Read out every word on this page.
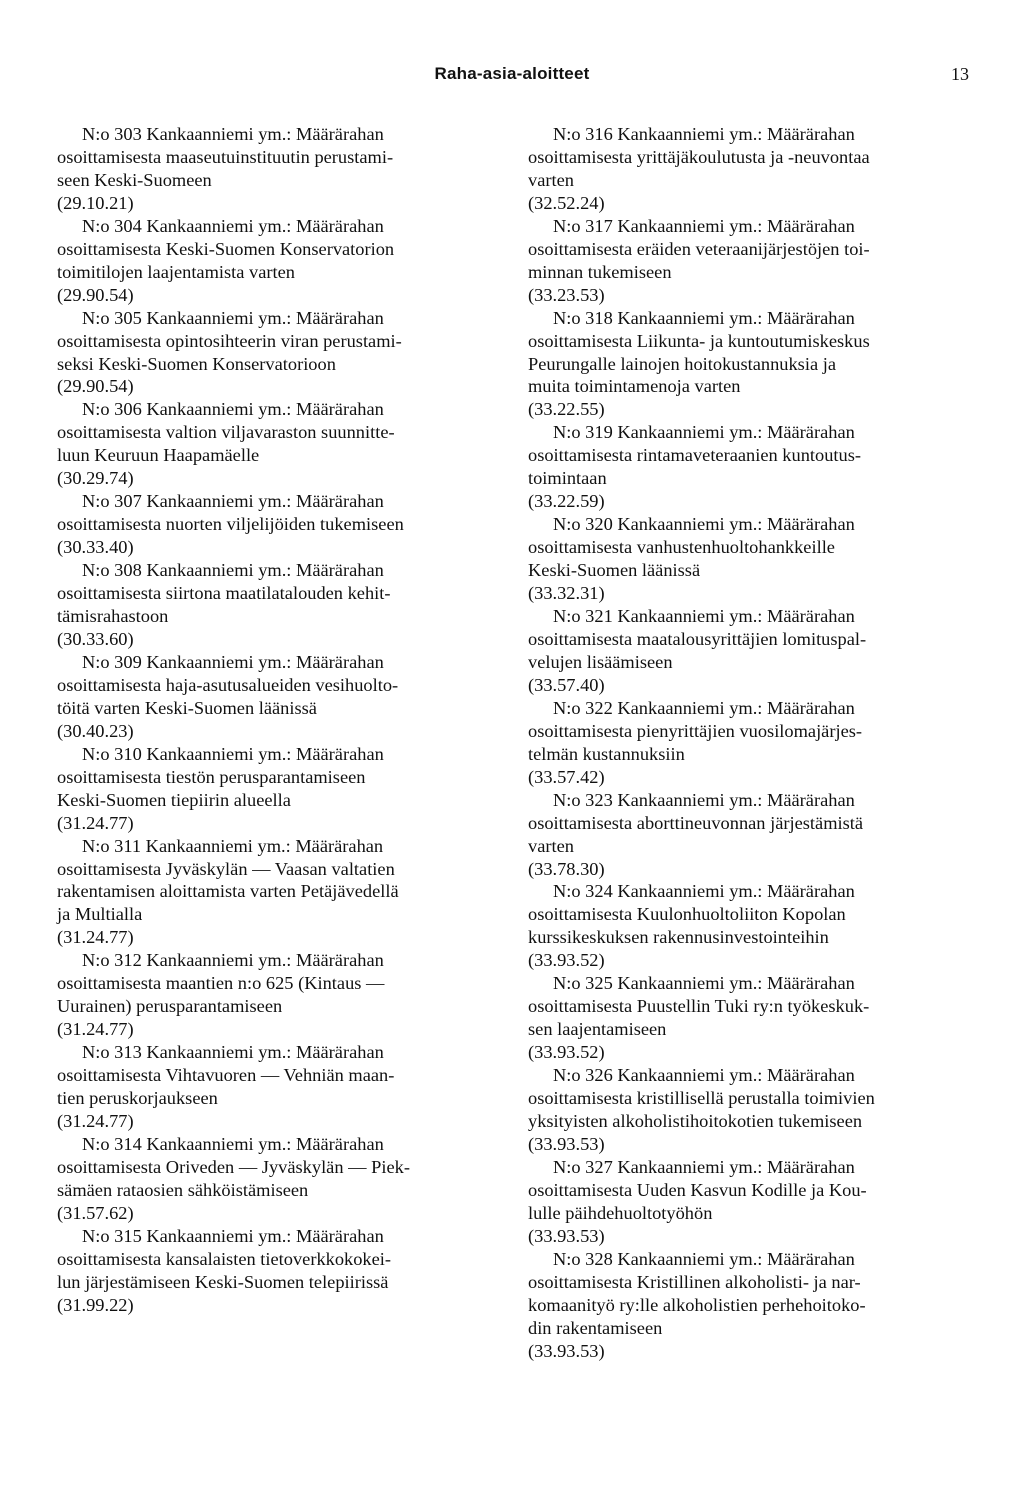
Raha-asia-aloitteet	13
N:o 303 Kankaanniemi ym.: Määrärahan
osoittamisesta maaseutuinstituutin perustami-
seen Keski-Suomeen
(29.10.21)
N:o 304 Kankaanniemi ym.: Määrärahan
osoittamisesta Keski-Suomen Konservatorion
toimitilojen laajentamista varten
(29.90.54)
N:o 305 Kankaanniemi ym.: Määrärahan
osoittamisesta opintosihteerin viran perustami-
seksi Keski-Suomen Konservatorioon
(29.90.54)
N:o 306 Kankaanniemi ym.: Määrärahan
osoittamisesta valtion viljavaraston suunnitte-
luun Keuruun Haapamäelle
(30.29.74)
N:o 307 Kankaanniemi ym.: Määrärahan
osoittamisesta nuorten viljelijöiden tukemiseen
(30.33.40)
N:o 308 Kankaanniemi ym.: Määrärahan
osoittamisesta siirtona maatilatalouden kehit-
tämisrahastoon
(30.33.60)
N:o 309 Kankaanniemi ym.: Määrärahan
osoittamisesta haja-asutusalueiden vesihuolto-
töitä varten Keski-Suomen läänissä
(30.40.23)
N:o 310 Kankaanniemi ym.: Määrärahan
osoittamisesta tiestön perusparantamiseen
Keski-Suomen tiepiirin alueella
(31.24.77)
N:o 311 Kankaanniemi ym.: Määrärahan
osoittamisesta Jyväskylän — Vaasan valtatien
rakentamisen aloittamista varten Petäjävedellä
ja Multialla
(31.24.77)
N:o 312 Kankaanniemi ym.: Määrärahan
osoittamisesta maantien n:o 625 (Kintaus —
Uurainen) perusparantamiseen
(31.24.77)
N:o 313 Kankaanniemi ym.: Määrärahan
osoittamisesta Vihtavuoren — Vehniän maan-
tien peruskorjaukseen
(31.24.77)
N:o 314 Kankaanniemi ym.: Määrärahan
osoittamisesta Oriveden — Jyväskylän — Piek-
sämäen rataosien sähköistämiseen
(31.57.62)
N:o 315 Kankaanniemi ym.: Määrärahan
osoittamisesta kansalaisten tietoverkkokokei-
lun järjestämiseen Keski-Suomen telepiirissä
(31.99.22)
N:o 316 Kankaanniemi ym.: Määrärahan
osoittamisesta yrittäjäkoulutusta ja -neuvontaa
varten
(32.52.24)
N:o 317 Kankaanniemi ym.: Määrärahan
osoittamisesta eräiden veteraanijärjestöjen toi-
minnan tukemiseen
(33.23.53)
N:o 318 Kankaanniemi ym.: Määrärahan
osoittamisesta Liikunta- ja kuntoutumiskeskus
Peurungalle lainojen hoitokustannuksia ja
muita toimintamenoja varten
(33.22.55)
N:o 319 Kankaanniemi ym.: Määrärahan
osoittamisesta rintamaveteraanien kuntoutus-
toimintaan
(33.22.59)
N:o 320 Kankaanniemi ym.: Määrärahan
osoittamisesta vanhustenhuoltohankkeille
Keski-Suomen läänissä
(33.32.31)
N:o 321 Kankaanniemi ym.: Määrärahan
osoittamisesta maatalousyrittäjien lomituspal-
velujen lisäämiseen
(33.57.40)
N:o 322 Kankaanniemi ym.: Määrärahan
osoittamisesta pienyrittäjien vuosilomajärjes-
telmän kustannuksiin
(33.57.42)
N:o 323 Kankaanniemi ym.: Määrärahan
osoittamisesta aborttineuvonnan järjestämistä
varten
(33.78.30)
N:o 324 Kankaanniemi ym.: Määrärahan
osoittamisesta Kuulonhuoltoliiton Kopolan
kurssikeskuksen rakennusinvestointeihin
(33.93.52)
N:o 325 Kankaanniemi ym.: Määrärahan
osoittamisesta Puustellin Tuki ry:n työkeskuk-
sen laajentamiseen
(33.93.52)
N:o 326 Kankaanniemi ym.: Määrärahan
osoittamisesta kristillisellä perustalla toimivien
yksityisten alkoholistihoitokotien tukemiseen
(33.93.53)
N:o 327 Kankaanniemi ym.: Määrärahan
osoittamisesta Uuden Kasvun Kodille ja Kou-
lulle päihdehuoltotyöhön
(33.93.53)
N:o 328 Kankaanniemi ym.: Määrärahan
osoittamisesta Kristillinen alkoholisti- ja nar-
komaanityö ry:lle alkoholistien perhehoitoko-
din rakentamiseen
(33.93.53)
